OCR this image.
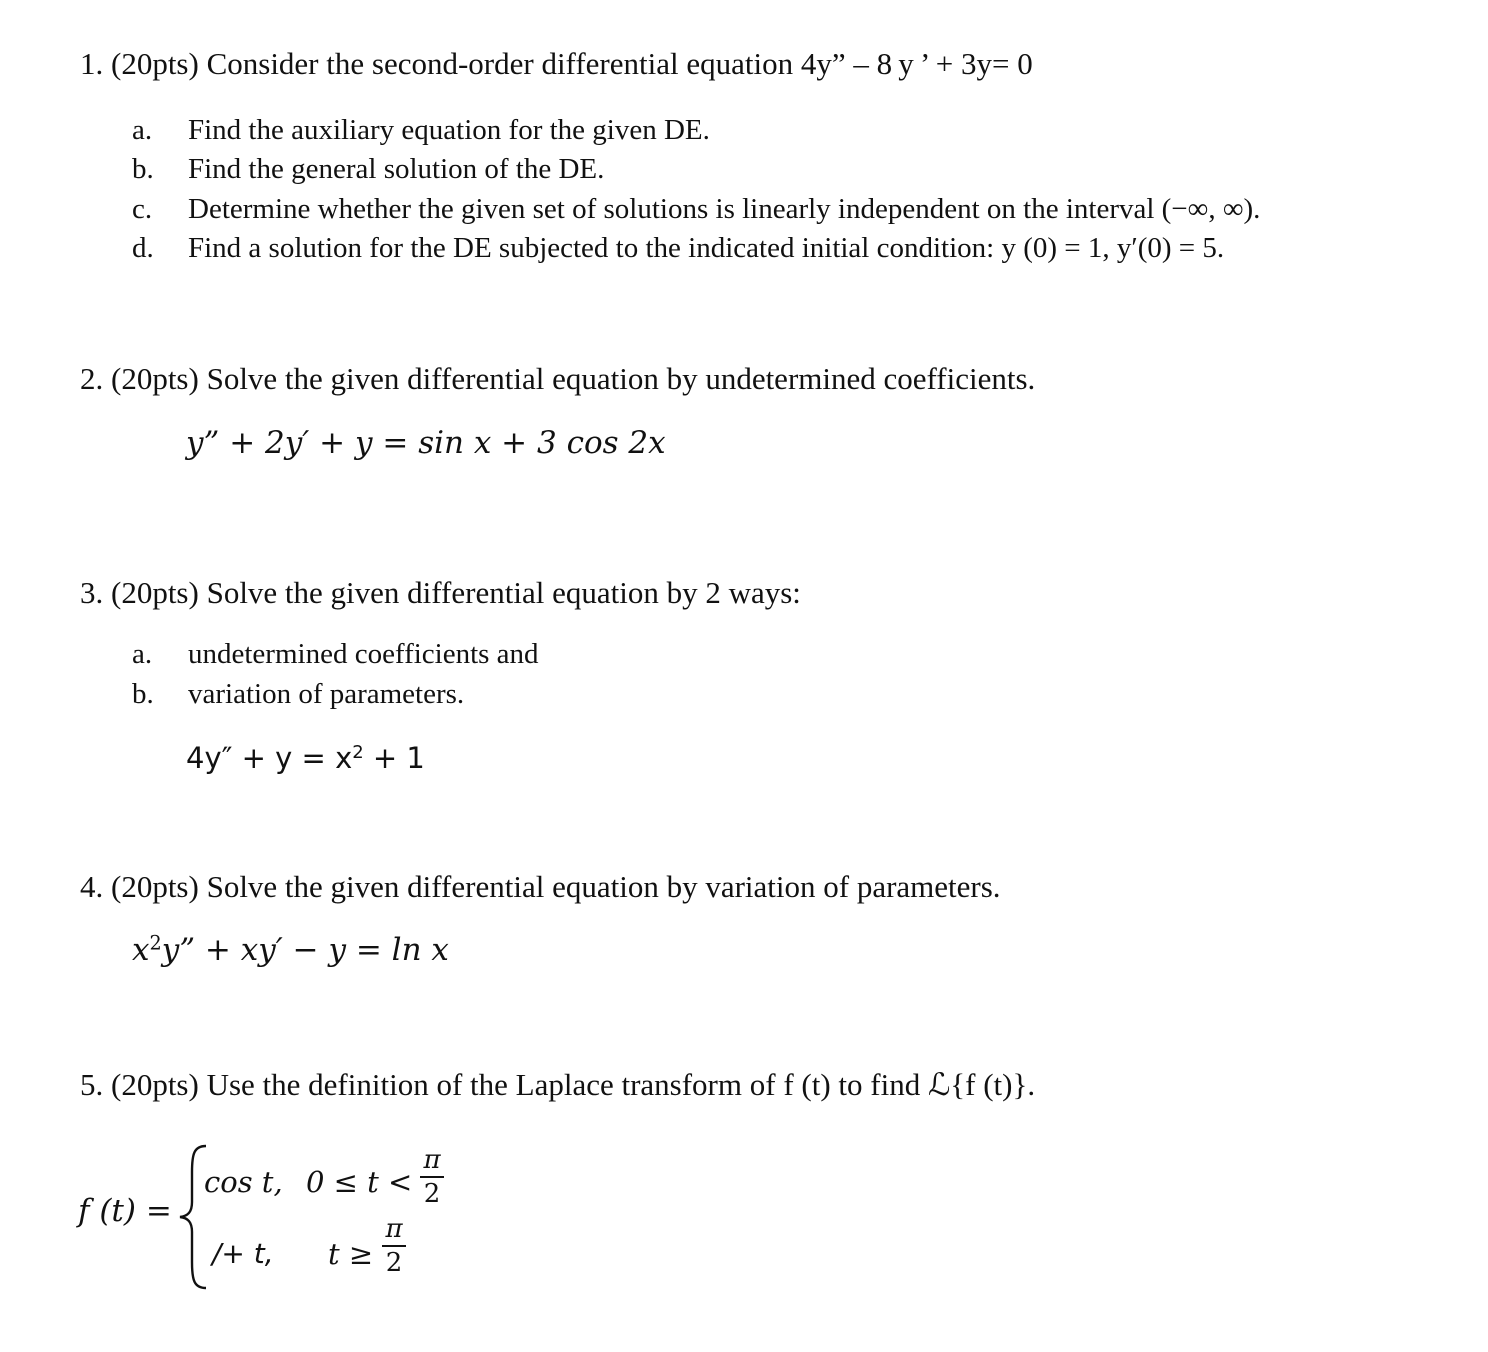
1. (20pts) Consider the second-order differential equation 4y” – 8 y ’ + 3y= 0
a. Find the auxiliary equation for the given DE.
b. Find the general solution of the DE.
c. Determine whether the given set of solutions is linearly independent on the interval (−∞, ∞).
d. Find a solution for the DE subjected to the indicated initial condition: y (0) = 1, y′(0) = 5.
2. (20pts) Solve the given differential equation by undetermined coefficients.
y” + 2y′ + y = sin x + 3 cos 2x
3. (20pts) Solve the given differential equation by 2 ways:
a. undetermined coefficients and
b. variation of parameters.
$4y'' + y = x^2 + 1$
4. (20pts) Solve the given differential equation by variation of parameters.
$x^2y$” + xy′ − y = ln x
5. (20pts) Use the definition of the Laplace transform of f (t) to find ℒ{f (t)}.
f (t) =
cos t, 0 ≤ t <
π
2
/+ t, t ≥
π
2
